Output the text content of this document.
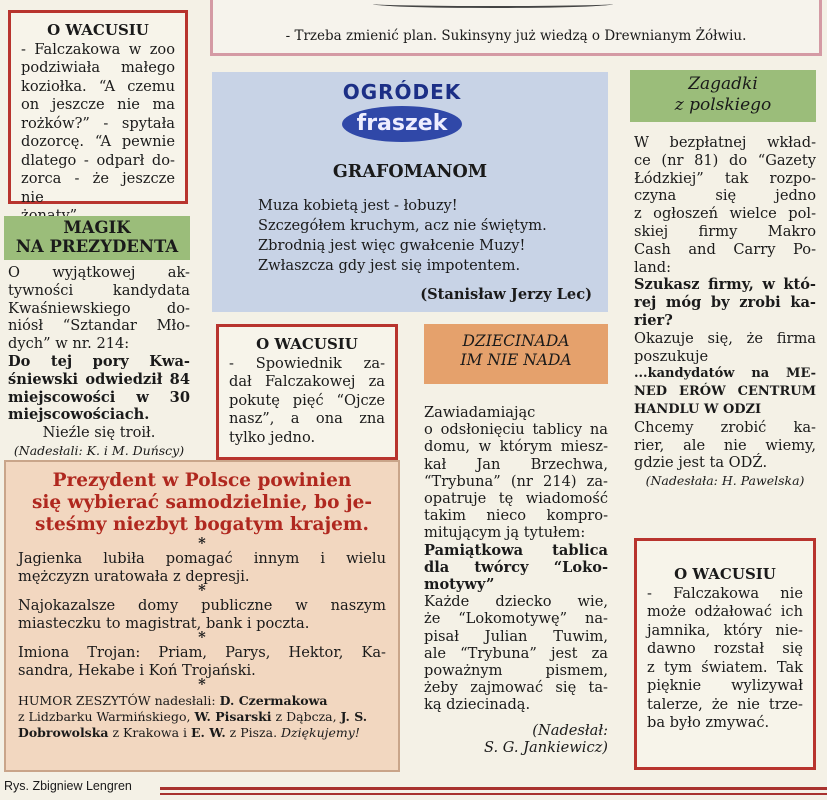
- Trzeba zmienić plan. Sukinsyny już wiedzą o Drewnianym Żółwiu.
O WACUSIU
- Falczakowa w zoo
podziwiała małego
koziołka. “A czemu
on jeszcze nie ma
rożków?” - spytała
dozorcę. “A pewnie
dlatego - odparł do-
zorca - że jeszcze nie
MAGIK
NA PREZYDENTA
O wyjątkowej ak-
tywności kandydata
Kwaśniewskiego do-
niósł “Sztandar Mło-
dych” w nr. 214:
Do tej pory Kwa-
śniewski odwiedził 84
miejscowości w 30
miejscowościach.
Nieźle się troił.
(Nadesłali: K. i M. Duńscy)
OGRÓDEK
fraszek
GRAFOMANOM
Muza kobietą jest - łobuzy!
Szczegółem kruchym, acz nie świętym.
Zbrodnią jest więc gwałcenie Muzy!
Zwłaszcza gdy jest się impotentem.
(Stanisław Jerzy Lec)
O WACUSIU
- Spowiednik za-
dał Falczakowej za
pokutę pięć “Ojcze
nasz”, a ona zna
tylko jedno.
DZIECINADA
IM NIE NADA
Zawiadamiając
o odsłonięciu tablicy na
domu, w którym miesz-
kał Jan Brzechwa,
“Trybuna” (nr 214) za-
opatruje tę wiadomość
takim nieco kompro-
mitującym ją tytułem:
Pamiątkowa tablica
dla twórcy “Loko-
motywy”
Każde dziecko wie,
że “Lokomotywę” na-
pisał Julian Tuwim,
ale “Trybuna” jest za
poważnym pismem,
żeby zajmować się ta-
ką dziecinadą.
(Nadesłał:
S. G. Jankiewicz)
Zagadki
z polskiego
W bezpłatnej wkład-
ce (nr 81) do “Gazety
Łódzkiej” tak rozpo-
czyna się jedno
z ogłoszeń wielce pol-
skiej firmy Makro
Cash and Carry Po-
land:
Szukasz firmy, w któ-
rej móg by zrobi ka-
rier?
Okazuje się, że firma
poszukuje
...kandydatów na ME-
NED ERÓW CENTRUM
HANDLU W ODZI
Chcemy zrobić ka-
rier, ale nie wiemy,
gdzie jest ta ODŹ.
(Nadesłała: H. Pawelska)
O WACUSIU
- Falczakowa nie
może odżałować ich
jamnika, który nie-
dawno rozstał się
z tym światem. Tak
pięknie wylizywał
talerze, że nie trze-
ba było zmywać.
Prezydent w Polsce powinien
się wybierać samodzielnie, bo je-
steśmy niezbyt bogatym krajem.
*
Jagienka lubiła pomagać innym i wielu
mężczyzn uratowała z depresji.
*
Najokazalsze domy publiczne w naszym
miasteczku to magistrat, bank i poczta.
*
Imiona Trojan: Priam, Parys, Hektor, Ka-
sandra, Hekabe i Koń Trojański.
*
HUMOR ZESZYTÓW nadesłali: D. Czermakowa
z Lidzbarku Warmińskiego, W. Pisarski z Dąbcza, J. S.
Dobrowolska z Krakowa i E. W. z Pisza. Dziękujemy!
Rys. Zbigniew Lengren
